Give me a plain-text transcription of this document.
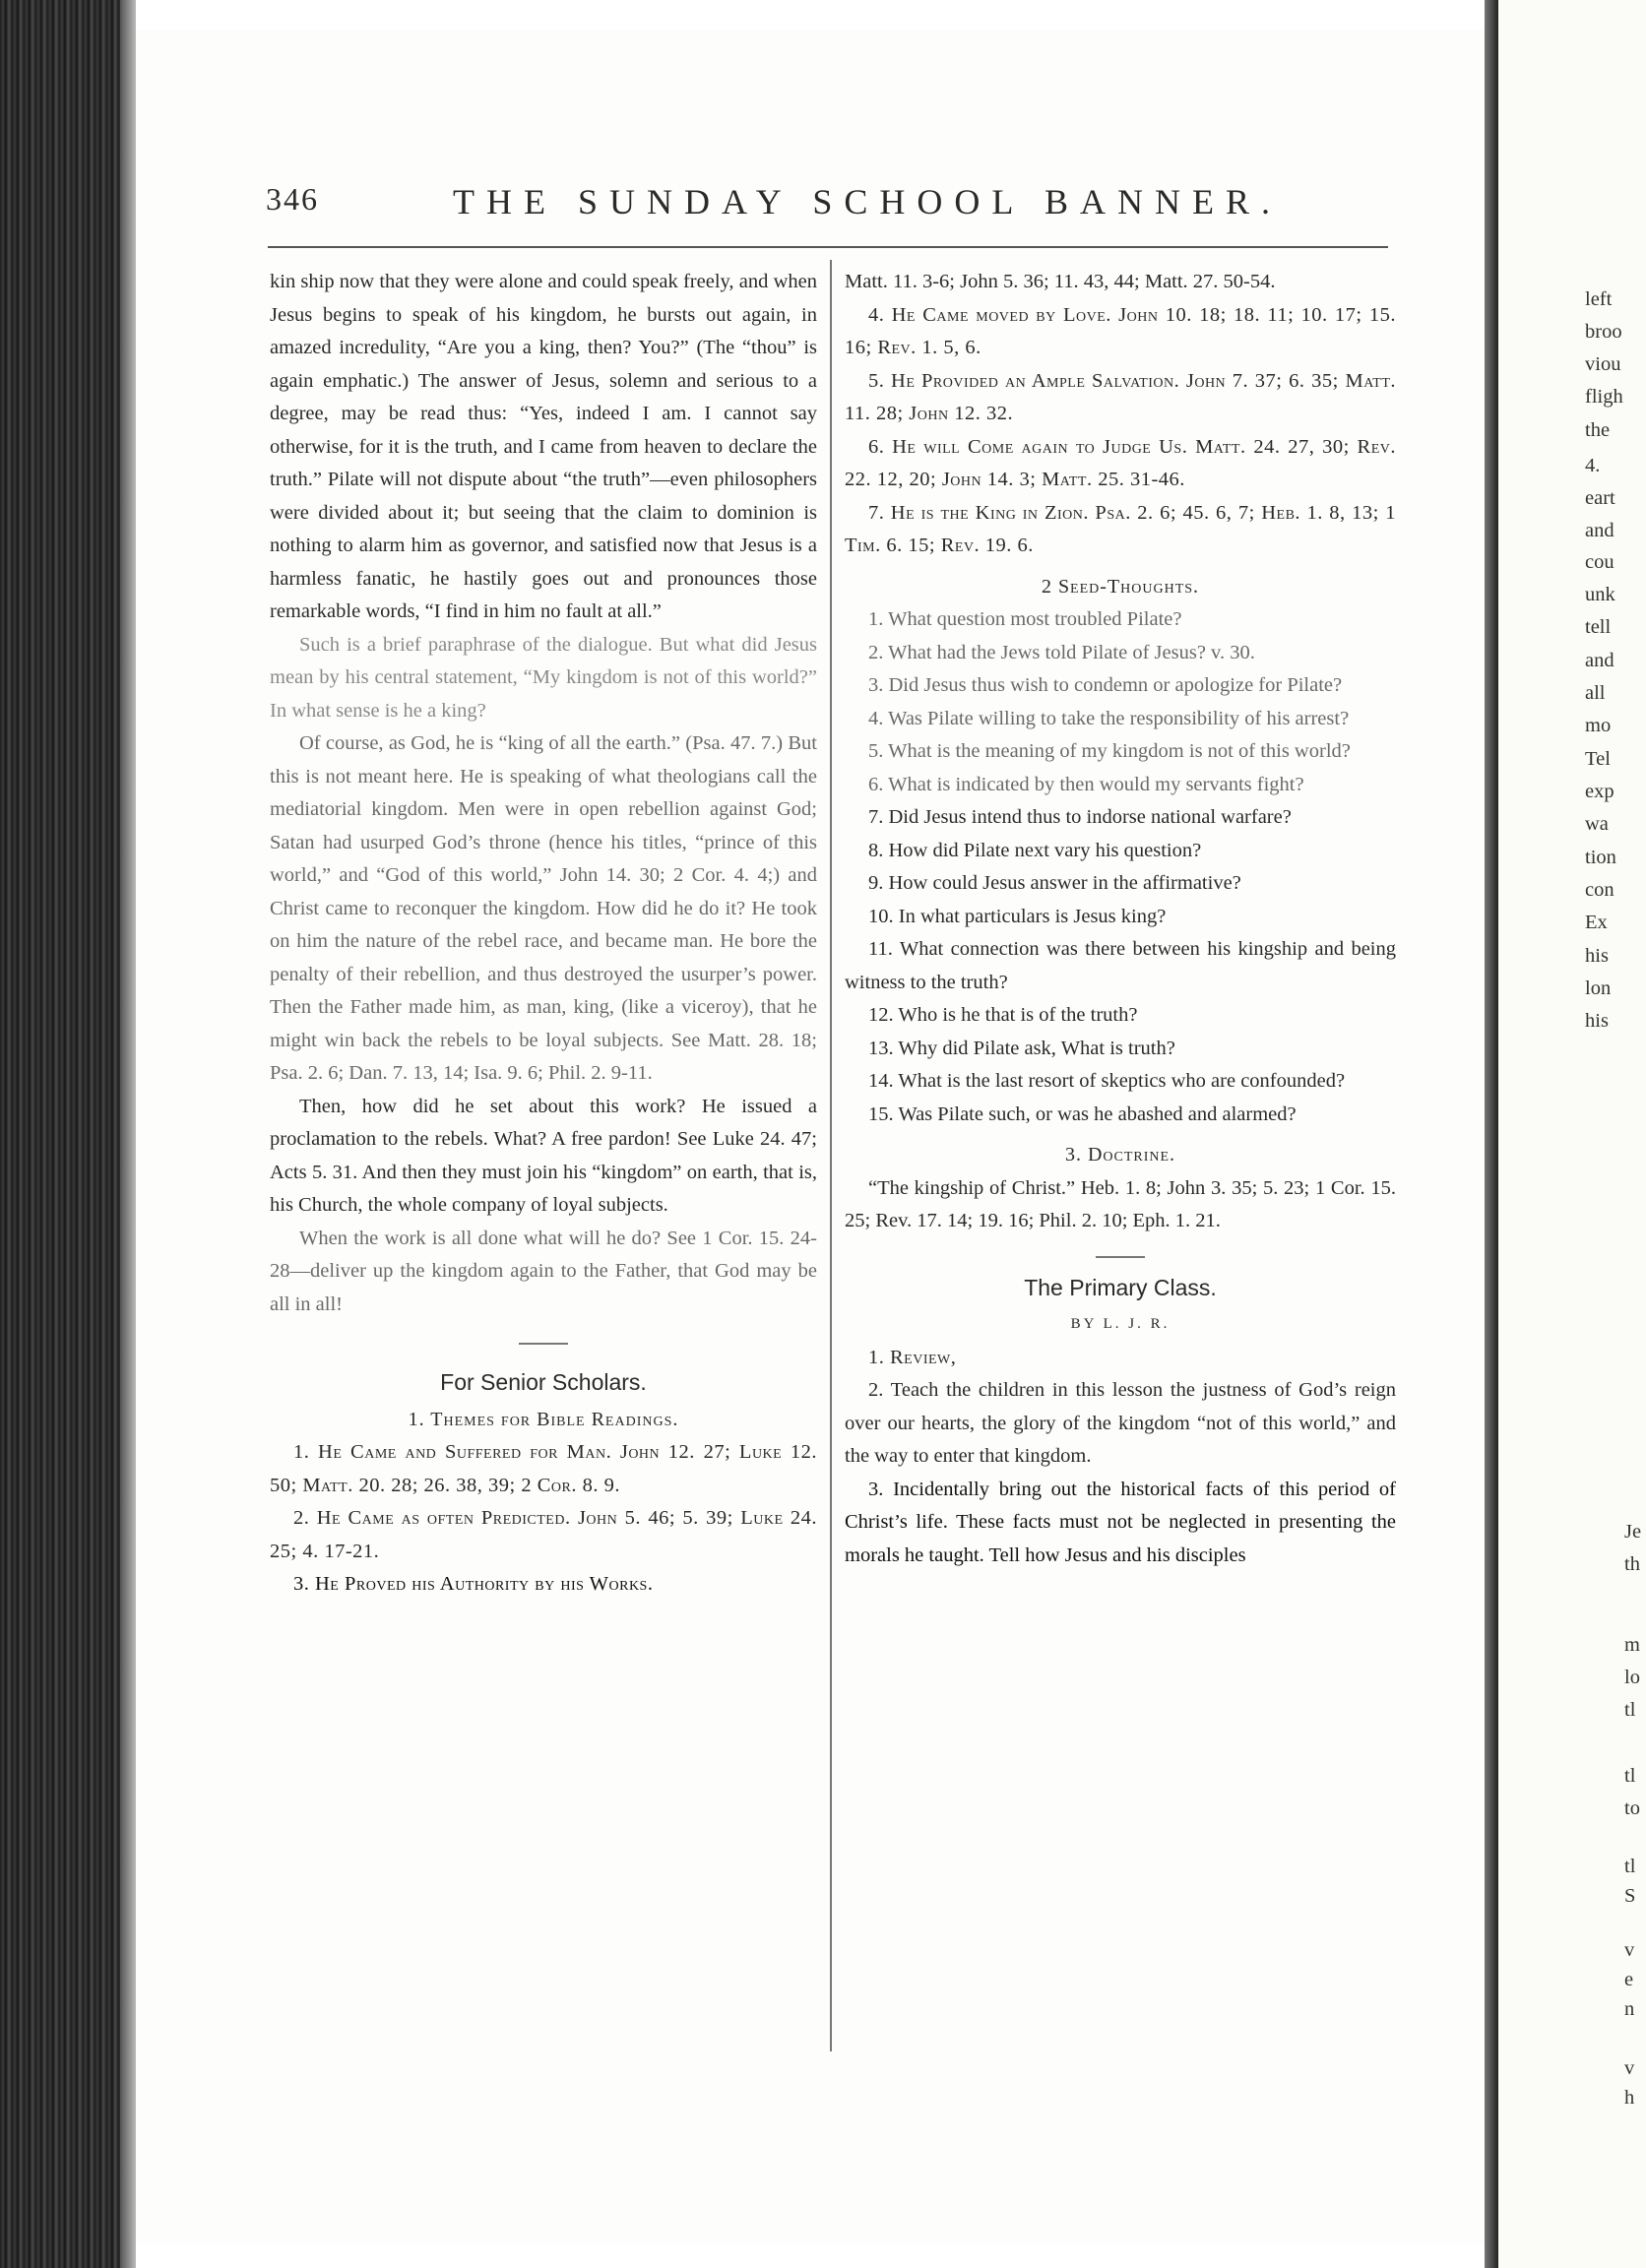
left
broo
viou
fligh
the
4.
eart
and
cou
unk
tell
and
all
mo
Tel
exp
wa
tion
con
Ex
his
lon
his
Je
th
m
lo
tl
tl
to
tl
S
v
e
n
v
h
346	THE SUNDAY SCHOOL BANNER.

kin ship now that they were alone and could speak freely, and when Jesus begins to speak of his kingdom, he bursts out again, in amazed incredulity, “Are you a king, then? You?” (The “thou” is again emphatic.) The answer of Jesus, solemn and serious to a degree, may be read thus: “Yes, indeed I am. I cannot say otherwise, for it is the truth, and I came from heaven to declare the truth.” Pilate will not dispute about “the truth”—even philosophers were divided about it; but seeing that the claim to dominion is nothing to alarm him as governor, and satisfied now that Jesus is a harmless fanatic, he hastily goes out and pronounces those remarkable words, “I find in him no fault at all.”

Such is a brief paraphrase of the dialogue. But what did Jesus mean by his central statement, “My kingdom is not of this world?” In what sense is he a king?

Of course, as God, he is “king of all the earth.” (Psa. 47. 7.) But this is not meant here. He is speaking of what theologians call the mediatorial kingdom. Men were in open rebellion against God; Satan had usurped God’s throne (hence his titles, “prince of this world,” and “God of this world,” John 14. 30; 2 Cor. 4. 4;) and Christ came to reconquer the kingdom. How did he do it? He took on him the nature of the rebel race, and became man. He bore the penalty of their rebellion, and thus destroyed the usurper’s power. Then the Father made him, as man, king, (like a viceroy), that he might win back the rebels to be loyal subjects. See Matt. 28. 18; Psa. 2. 6; Dan. 7. 13, 14; Isa. 9. 6; Phil. 2. 9-11.

Then, how did he set about this work? He issued a proclamation to the rebels. What? A free pardon! See Luke 24. 47; Acts 5. 31. And then they must join his “kingdom” on earth, that is, his Church, the whole company of loyal subjects.

When the work is all done what will he do? See 1 Cor. 15. 24-28—deliver up the kingdom again to the Father, that God may be all in all!

For Senior Scholars.

1. Themes for Bible Readings.

1. He Came and Suffered for Man. John 12. 27; Luke 12. 50; Matt. 20. 28; 26. 38, 39; 2 Cor. 8. 9.

2. He Came as often Predicted. John 5. 46; 5. 39; Luke 24. 25; 4. 17-21.

3. He Proved his Authority by his Works.

Matt. 11. 3-6; John 5. 36; 11. 43, 44; Matt. 27. 50-54.

4. He Came moved by Love. John 10. 18; 18. 11; 10. 17; 15. 16; Rev. 1. 5, 6.

5. He Provided an Ample Salvation. John 7. 37; 6. 35; Matt. 11. 28; John 12. 32.

6. He will Come again to Judge Us. Matt. 24. 27, 30; Rev. 22. 12, 20; John 14. 3; Matt. 25. 31-46.

7. He is the King in Zion. Psa. 2. 6; 45. 6, 7; Heb. 1. 8, 13; 1 Tim. 6. 15; Rev. 19. 6.

2 Seed-Thoughts.

1. What question most troubled Pilate?

2. What had the Jews told Pilate of Jesus? v. 30.

3. Did Jesus thus wish to condemn or apologize for Pilate?

4. Was Pilate willing to take the responsibility of his arrest?

5. What is the meaning of my kingdom is not of this world?

6. What is indicated by then would my servants fight?

7. Did Jesus intend thus to indorse national warfare?

8. How did Pilate next vary his question?

9. How could Jesus answer in the affirmative?

10. In what particulars is Jesus king?

11. What connection was there between his kingship and being witness to the truth?

12. Who is he that is of the truth?

13. Why did Pilate ask, What is truth?

14. What is the last resort of skeptics who are confounded?

15. Was Pilate such, or was he abashed and alarmed?

3. Doctrine.

“The kingship of Christ.” Heb. 1. 8; John 3. 35; 5. 23; 1 Cor. 15. 25; Rev. 17. 14; 19. 16; Phil. 2. 10; Eph. 1. 21.

The Primary Class.

BY L. J. R.

1. Review,

2. Teach the children in this lesson the justness of God’s reign over our hearts, the glory of the kingdom “not of this world,” and the way to enter that kingdom.

3. Incidentally bring out the historical facts of this period of Christ’s life. These facts must not be neglected in presenting the morals he taught. Tell how Jesus and his disciples
